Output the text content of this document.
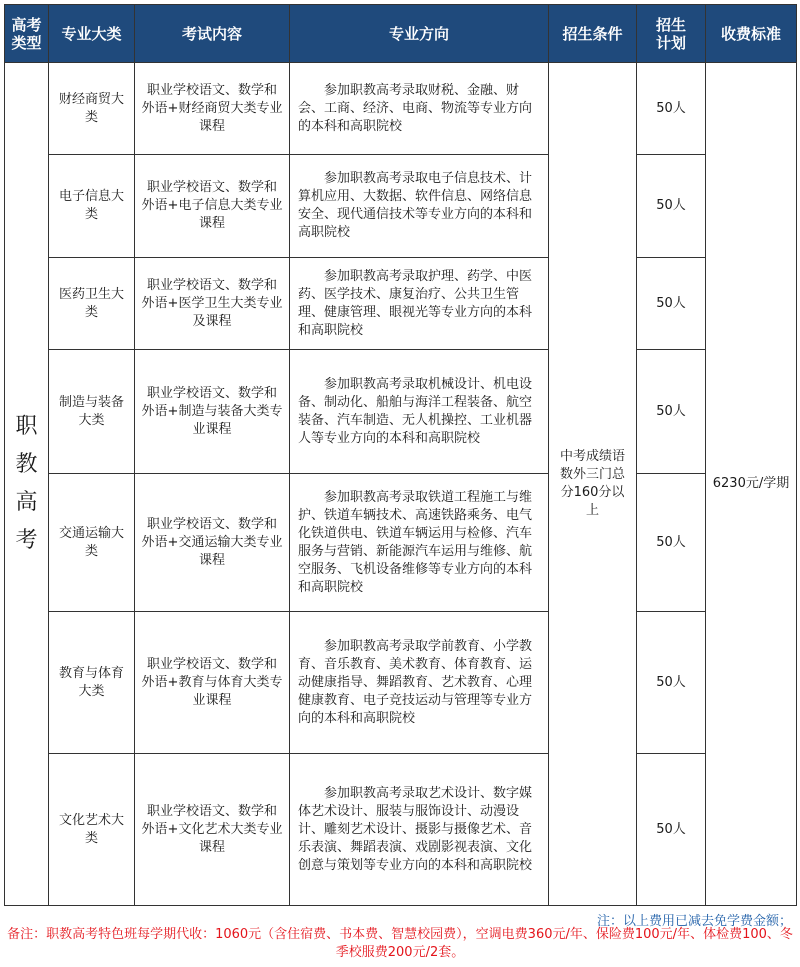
高考类型	专业大类	考试内容	专业方向	招生条件	招生计划	收费标准
职教高考	财经商贸大类	职业学校语文、数学和外语+财经商贸大类专业课程	参加职教高考录取财税、金融、财会、工商、经济、电商、物流等专业方向的本科和高职院校	中考成绩语数外三门总分160分以上	50人	6230元/学期
	电子信息大类	职业学校语文、数学和外语+电子信息大类专业课程	参加职教高考录取电子信息技术、计算机应用、大数据、软件信息、网络信息安全、现代通信技术等专业方向的本科和高职院校		50人	
	医药卫生大类	职业学校语文、数学和外语+医学卫生大类专业及课程	参加职教高考录取护理、药学、中医药、医学技术、康复治疗、公共卫生管理、健康管理、眼视光等专业方向的本科和高职院校		50人	
	制造与装备大类	职业学校语文、数学和外语+制造与装备大类专业课程	参加职教高考录取机械设计、机电设备、制动化、船舶与海洋工程装备、航空装备、汽车制造、无人机操控、工业机器人等专业方向的本科和高职院校		50人	
	交通运输大类	职业学校语文、数学和外语+交通运输大类专业课程	参加职教高考录取铁道工程施工与维护、铁道车辆技术、高速铁路乘务、电气化铁道供电、铁道车辆运用与检修、汽车服务与营销、新能源汽车运用与维修、航空服务、飞机设备维修等专业方向的本科和高职院校		50人	
	教育与体育大类	职业学校语文、数学和外语+教育与体育大类专业课程	参加职教高考录取学前教育、小学教育、音乐教育、美术教育、体育教育、运动健康指导、舞蹈教育、艺术教育、心理健康教育、电子竞技运动与管理等专业方向的本科和高职院校		50人	
	文化艺术大类	职业学校语文、数学和外语+文化艺术大类专业课程	参加职教高考录取艺术设计、数字媒体艺术设计、服装与服饰设计、动漫设计、雕刻艺术设计、摄影与摄像艺术、音乐表演、舞蹈表演、戏剧影视表演、文化创意与策划等专业方向的本科和高职院校		50人	
注：以上费用已减去免学费金额；
备注：职教高考特色班每学期代收：1060元（含住宿费、书本费、智慧校园费），空调电费360元/年、保险费100元/年、体检费100、冬季校服费200元/2套。
